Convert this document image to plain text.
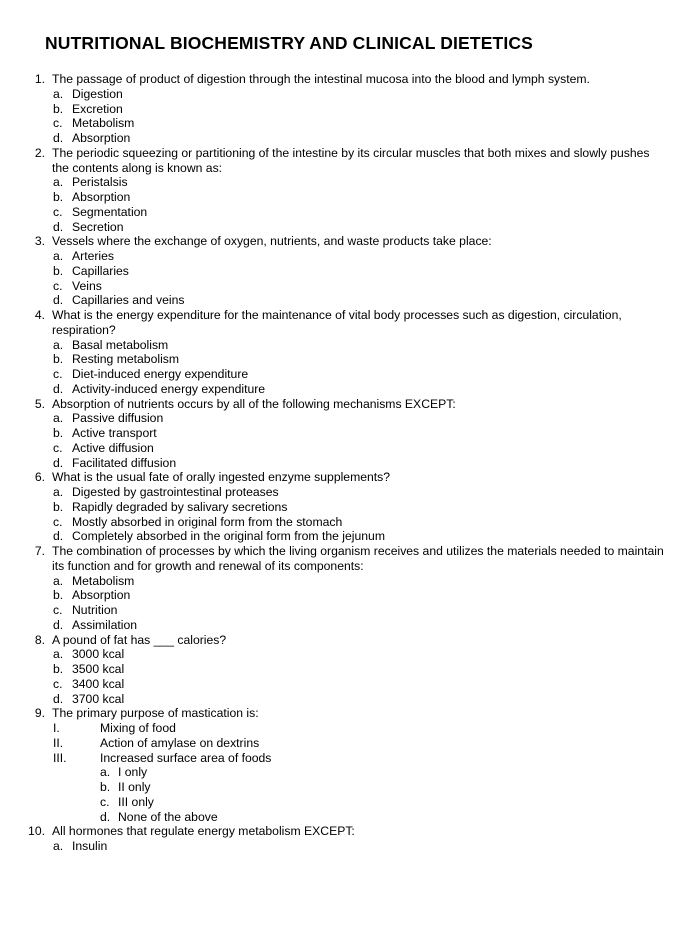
NUTRITIONAL BIOCHEMISTRY AND CLINICAL DIETETICS
1. The passage of product of digestion through the intestinal mucosa into the blood and lymph system.
a. Digestion
b. Excretion
c. Metabolism
d. Absorption
2. The periodic squeezing or partitioning of the intestine by its circular muscles that both mixes and slowly pushes the contents along is known as:
a. Peristalsis
b. Absorption
c. Segmentation
d. Secretion
3. Vessels where the exchange of oxygen, nutrients, and waste products take place:
a. Arteries
b. Capillaries
c. Veins
d. Capillaries and veins
4. What is the energy expenditure for the maintenance of vital body processes such as digestion, circulation, respiration?
a. Basal metabolism
b. Resting metabolism
c. Diet-induced energy expenditure
d. Activity-induced energy expenditure
5. Absorption of nutrients occurs by all of the following mechanisms EXCEPT:
a. Passive diffusion
b. Active transport
c. Active diffusion
d. Facilitated diffusion
6. What is the usual fate of orally ingested enzyme supplements?
a. Digested by gastrointestinal proteases
b. Rapidly degraded by salivary secretions
c. Mostly absorbed in original form from the stomach
d. Completely absorbed in the original form from the jejunum
7. The combination of processes by which the living organism receives and utilizes the materials needed to maintain its function and for growth and renewal of its components:
a. Metabolism
b. Absorption
c. Nutrition
d. Assimilation
8. A pound of fat has ___ calories?
a. 3000 kcal
b. 3500 kcal
c. 3400 kcal
d. 3700 kcal
9. The primary purpose of mastication is:
I.	Mixing of food
II.	Action of amylase on dextrins
III.	Increased surface area of foods
a. I only
b. II only
c. III only
d. None of the above
10. All hormones that regulate energy metabolism EXCEPT:
a. Insulin
